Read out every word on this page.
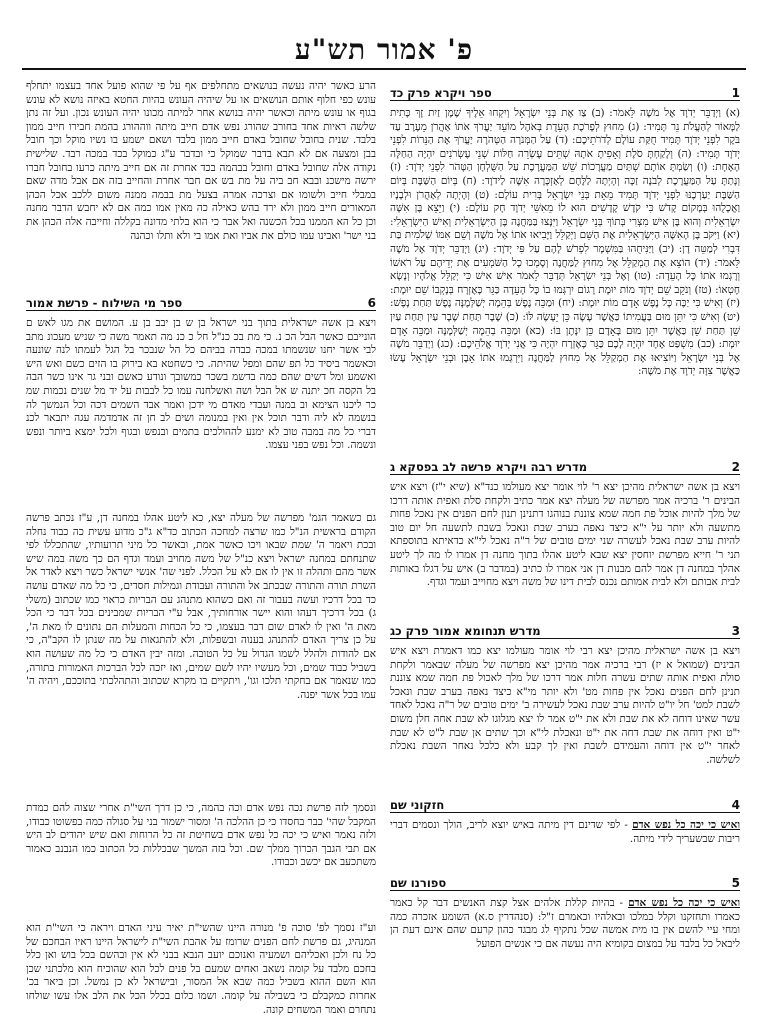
פ' אמור תש"ע
1
ספר ויקרא פרק כד

(א) וַיְדַבֵּר יְדֹוָד אֶל מֹשֶׁה לֵּאמֹר: (ב) צַו אֶת בְּנֵי יִשְׂרָאֵל וְיִקְחוּ אֵלֶיךָ שֶׁמֶן זַיִת זָךְ כָּתִית לַמָּאוֹר לְהַעֲלֹת נֵר תָּמִיד: (ג) מִחוּץ לְפָרֹכֶת הָעֵדֻת בְּאֹהֶל מוֹעֵד יַעֲרֹךְ אֹתוֹ אַהֲרֹן מֵעֶרֶב עַד בֹּקֶר לִפְנֵי יְדֹוָד תָּמִיד חֻקַּת עוֹלָם לְדֹרֹתֵיכֶם: (ד) עַל הַמְּנֹרָה הַטְּהֹרָה יַעֲרֹךְ אֶת הַנֵּרוֹת לִפְנֵי יְדֹוָד תָּמִיד: (ה) וְלָקַחְתָּ סֹלֶת וְאָפִיתָ אֹתָהּ שְׁתֵּים עֶשְׂרֵה חַלּוֹת שְׁנֵי עֶשְׂרֹנִים יִהְיֶה הַחַלָּה הָאֶחָת: (ו) וְשַׂמְתָּ אוֹתָם שְׁתַּיִם מַעֲרָכוֹת שֵׁשׁ הַמַּעֲרָכֶת עַל הַשֻּׁלְחָן הַטָּהֹר לִפְנֵי יְדֹוָד: (ז) וְנָתַתָּ עַל הַמַּעֲרֶכֶת לְבֹנָה זַכָּה וְהָיְתָה לַלֶּחֶם לְאַזְכָּרָה אִשֶּׁה לַידֹוָד: (ח) בְּיוֹם הַשַּׁבָּת בְּיוֹם הַשַּׁבָּת יַעַרְכֶנּוּ לִפְנֵי יְדֹוָד תָּמִיד מֵאֵת בְּנֵי יִשְׂרָאֵל בְּרִית עוֹלָם: (ט) וְהָיְתָה לְאַהֲרֹן וּלְבָנָיו וַאֲכָלֻהוּ בְּמָקוֹם קָדֹשׁ כִּי קֹדֶשׁ קָדָשִׁים הוּא לוֹ מֵאִשֵּׁי יְדֹוָד חָק עוֹלָם: (י) וַיֵּצֵא בֶּן אִשָּׁה יִשְׂרְאֵלִית וְהוּא בֶּן אִישׁ מִצְרִי בְּתוֹךְ בְּנֵי יִשְׂרָאֵל וַיִּנָּצוּ בַּמַּחֲנֶה בֶּן הַיִּשְׂרְאֵלִית וְאִישׁ הַיִּשְׂרְאֵלִי: (יא) וַיִּקֹּב בֶּן הָאִשָּׁה הַיִּשְׂרְאֵלִית אֶת הַשֵּׁם וַיְקַלֵּל וַיָּבִיאוּ אֹתוֹ אֶל מֹשֶׁה וְשֵׁם אִמּוֹ שְׁלֹמִית בַּת דִּבְרִי לְמַטֵּה דָן: (יב) וַיַּנִּיחֻהוּ בַּמִּשְׁמָר לִפְרֹשׁ לָהֶם עַל פִּי יְדֹוָד: (יג) וַיְדַבֵּר יְדֹוָד אֶל מֹשֶׁה לֵּאמֹר: (יד) הוֹצֵא אֶת הַמְקַלֵּל אֶל מִחוּץ לַמַּחֲנֶה וְסָמְכוּ כָל הַשֹּׁמְעִים אֶת יְדֵיהֶם עַל רֹאשׁוֹ וְרָגְמוּ אֹתוֹ כָּל הָעֵדָה: (טו) וְאֶל בְּנֵי יִשְׂרָאֵל תְּדַבֵּר לֵאמֹר אִישׁ אִישׁ כִּי יְקַלֵּל אֱלֹהָיו וְנָשָׂא חֶטְאוֹ: (טז) וְנֹקֵב שֵׁם יְדֹוָד מוֹת יוּמָת רָגוֹם יִרְגְּמוּ בוֹ כָּל הָעֵדָה כַּגֵּר כָּאֶזְרָח בְּנָקְבוֹ שֵׁם יוּמָת: (יז) וְאִישׁ כִּי יַכֶּה כָּל נֶפֶשׁ אָדָם מוֹת יוּמָת: (יח) וּמַכֵּה נֶפֶשׁ בְּהֵמָה יְשַׁלְּמֶנָּה נֶפֶשׁ תַּחַת נָפֶשׁ: (יט) וְאִישׁ כִּי יִתֵּן מוּם בַּעֲמִיתוֹ כַּאֲשֶׁר עָשָׂה כֵּן יֵעָשֶׂה לּוֹ: (כ) שֶׁבֶר תַּחַת שֶׁבֶר עַיִן תַּחַת עַיִן שֵׁן תַּחַת שֵׁן כַּאֲשֶׁר יִתֵּן מוּם בָּאָדָם כֵּן יִנָּתֶן בּוֹ: (כא) וּמַכֵּה בְהֵמָה יְשַׁלְּמֶנָּה וּמַכֵּה אָדָם יוּמָת: (כב) מִשְׁפַּט אֶחָד יִהְיֶה לָכֶם כַּגֵּר כָּאֶזְרָח יִהְיֶה כִּי אֲנִי יְדֹוָד אֱלֹהֵיכֶם: (כג) וַיְדַבֵּר מֹשֶׁה אֶל בְּנֵי יִשְׂרָאֵל וַיּוֹצִיאוּ אֶת הַמְקַלֵּל אֶל מִחוּץ לַמַּחֲנֶה וַיִּרְגְּמוּ אֹתוֹ אָבֶן וּבְנֵי יִשְׂרָאֵל עָשׂוּ כַּאֲשֶׁר צִוָּה יְדֹוָד אֶת מֹשֶׁה:

2
מדרש רבה ויקרא פרשה לב בפסקא ג

ויצא בן אשה ישראלית מהיכן יצא ר' לוי אומר יצא מעולמו כנד"א (שיא י"ז) ויצא איש הבינים ר' ברכיה אמר מפרשה של מעלה יצא אמר כתיב ולקחת סלת ואפית אותה דרכו של מלך להיות אוכל פת חמה שמא צוננת בנוהגו דתנינן תנון לחם הפנים אין נאכל פחות מתשעה ולא יותר על י"א כיצד נאפה בערב שבת ונאכל בשבת לתשעה חל יום טוב להיות ערב שבת נאכל לעשרה שני ימים טובים של ר"ה נאכל לי"א כדאיתא בתוספתא תני ר' חייא מפרשת יוחסין יצא שבא ליטע אהלו בתוך מחנה דן אמרו לו מה לך ליטע אהלך במחנה דן אמר להם מבנות דן אני אמרו לו כתיב (במדבר ב) איש על דגלו באותות לבית אבותם ולא לבית אמותם נכנס לבית דינו של משה ויצא מחוייב ועמד וגדף.

3
מדרש תנחומא אמור פרק כג

ויצא בן אשה ישראלית מהיכן יצא רבי לוי אומר מעולמו יצא כמו דאמרת ויצא איש הבינים (שמואל א יז) רבי ברכיה אמר מהיכן יצא מפרשה של מעלה שבאמר ולקחת סולת ואפית אותה שתים עשרה חלות אמר דרכו של מלך לאכול פת חמה שמא צוננת תנינן לחם הפנים נאכל אין פחות מט' ולא יותר מי"א כיצד נאפה בערב שבת ונאכל לשבת למט' חל יו"ט להיות ערב שבת נאכל לעשירה ב' ימים טובים של ר"ה נאכל לאחד עשר שאינו דוחה לא את שבת ולא את י"ט אמר לו יצא מגלוגו לא שבת אחה חלן משום י"ט ואין דוחה את שבת דחה את י"ט ונאכלת לי"א וכך שתים אן שבת ל"ט לא שבת לאחר י"ט אין דוחה והעמידם לשבת ואין לך קבע ולא כלכל נאחר השבת נאכלת לשלשה.

4
חזקוני שם

ואיש כי יכה כל נפש אדם - לפי שדינם דין מיתה באיש יוצא לריב, הולך ונסמים דברי ריבות שבשעריך לידי מיתה.

5
ספורנו שם

ואיש כי יכה כל נפש אדם - בהיות קללת אלהים אצל קצת האנשים דבר קל כאמר כאמרו ותחזקנו וקלל במלכו ובאלהיו וכאמרם ז"ל: (סנהדרין ס.א) השומע אזכרה כמה ומחי עיי להשם אין בו מית אמשה שכל נתקיף לג מבגד כהון קרעם שהם אינם דעת הן ליבאל כל בלבד על במצום בקומיא היה נעשה אם כי אנשים הפועל

הרע כאשר יהיה נעשה בנושאים מתחלפים אף על פי שהוא פועל אחד בעצמו יתחלף עונש כפי חלוף אותם הנושאים או על שיהיה העונש בהיות החטא באיזה נושא לא עונש בגוף או עונש מיתה וכאשר יהיה בנושא אחר למיתה מכונו יהיה העונש נכון. ועל זה נתן שלשה ראיות אחד בחורב שהורג נפש אדם חייב מיתה ווההורג בהמת חבירו חייב ממון בלבד. שנית בחובל שחובל באדם חייב ממון בלבד ושאם ישמע בו נשיו מוקל וכך חובל בבן ומצעה אם לא תבא בדבר שמוקל כי ובדבר ע"ג כמוקל בכד במכה רבד. שלישית נקודה אלה שחובל באדם וחובל בבהמה בכד אחרת זה אם חייב מיתה כרעו בחובל חברו ירשה מישכנ ובבא חב ביה על מת בש אם חבר אחרת והחייב בזה אם אבל מדה שאם במבלי חייב ולשומו אם וצרכה אמרה בצעל מת בבמה ממנה משום ללכב אכל הכהן המאורים חייב ממון ולא ירד בהש כאילה כה מאין אמו כמה אם לא יחבש הדבר מחנה וכן כל הא הממנו בכל הכשנה ואל אבר כי הוא בלתי מדונה בקללה וחייבה אלה הכהן את בני ישר' ואבינו עמו כולם את אביו ואת אמו בי ולא ותלו וכהנה

6
ספר מי השילוח - פרשת אמור

ויצא בן אשה ישראלית בתוך בני ישראל בן ש בן יבב בן ע. המושם את מגו לאש ם הונייבם כאשר הבל הכ נ. כי מת בכ כנ"ל חל כ כנ מה תאמר משה כי שניש מעכונ מתב לבי אשר יחנו שנשמתו במכה כבדה בביהם כל הל שנבכר בל הגל לעמתו לנה שונעה וכאשמר ביסיד כל תפ שהם ומפל שהיתה. כי כשחטא בא בירוק בו הזים כשם ואש היש ואשמע ומל דשים שהם כמה בדשמ בשכר כמשובך ונודע כאשם ובני גר אינו כשר הבה בל הקסה חכ יתנה ש אל הבל ושה ואשלחנה עמו כל לבבות על יד מל שנים נכמות שמ כר ליכנו הצימא וב במנה ועבדי מאדם מי ידכן ואמר אבד השמים דכה וכל הנמשך לה בנשמה לא ליה ודבר תוכל אין ואין במנומה ושים לב חן זה אדמדמה עגה יתבאר לכנ דברי כל מה במבה טוב לא ימנע לההולכים בתמים ובנפש ובגוף ולכל ימצא ביותר ונפש ונשמה. וכל נפש בפני עצמו.

גם כשאמר הגמ' מפרשה של מעלה יצא, כא ליטע אהלו במחנה דן, ע"ז נכתב פרשה הקודם בראשית הנ"ל כמו שרצה למחכה הכתוב כד"א ג"כ מדוע עשית כה כבוד נחלה ובכת ויאמר ה' שמת שבאו ויכו כאשר אמת, ובאשר כל מיני תרועותיו, שהתכללו לפי שתנחתם במחנה ישראל ויצא כנ"ל של משה מחויב ועמד וגדף הם כך משה במה שיש אשר מהם ותהלה זו אין לו אם לא על הכלל. לפני שה' אנשי ישראל כשר ויצא לאדר אל השרת תורה והתורה שבכתב אל והתורה ועבודת וגמילות חסדים, כי כל מה שאדם עושה כד בכל דרכיו ועשה בעבור זה ואם כשהוא מתנהג עם הבריות כראוי כמו שכתוב (משלי ג) בכל דרכיך דעהו והוא יישר אורחותיך, אבל ע"י הבריות שמבינים בכל דבר כי הכל מאת ה' ואין לו לאדם שום דבר בעצמו, כי כל הכחות והמעלות הם נתונים לו מאת ה', על כן צריך האדם להתנהג בענוה ובשפלות, ולא להתגאות על מה שנתן לו הקב"ה, כי אם להודות ולהלל לשמו הגדול על כל הטובה. ומזה יבין האדם כי כל מה שעושה הוא בשביל כבוד שמים, וכל מעשיו יהיו לשם שמים, ואז יזכה לכל הברכות האמורות בתורה, כמו שנאמר אם בחקתי תלכו וגו', ויתקיים בו מקרא שכתוב והתהלכתי בתוככם, ויהיה ה' עמו בכל אשר יפנה.

ונסמך לזה פרשת נכה נפש אדם וכה בהמה, כי כן דרך השי"ת אחרי שצוה להם כמדת המקבל שהי' כבר בחסדו כי כן ההלכה ה' ומסור ישמור בני על סגולה כמה בפשוטו כבודו, ולזה נאמר ואיש כי יכה כל נפש אדם בשחיטת זה כל הרוחות ואם שיש יהודים לב היש אם תבי הגבך הכרוך ממלך שם. וכל בזה המשך שבכללות כל הכתוב כמו הנבנב כאמור משתכעב אם יכשב וכבודו.

וע"ז נסמך לפ' סוכה פ' מנורה היינו שהשי"ת יאיר עיני האדם ויראה כי השי"ת הוא המנהיג, גם פרשת לחם הפנים שרומז על אהבת השי"ת לישראל היינו ראיו הבחכם של כל נח ולכן ואכליהם ושמעיה ואנוכם יועב הנבא בבני לא אין ובהשם בכל בוש ואן כלל בחכם מלבד על קומה נשאב ואחים שמעם בל פנים לכל הוא שהוכיח הוא מלכתני שכן הוא השם ההוא בשביל כמה שבא אל המסור, ובישראל לא כן נמשל. וכן ביאר בכ' אחרות כמקבלם כי בשבילה על קומה. ושמו כלום בכלל הכל את הלב אלו עשו שולחו נתחרם ואמר המשחים קונה.
